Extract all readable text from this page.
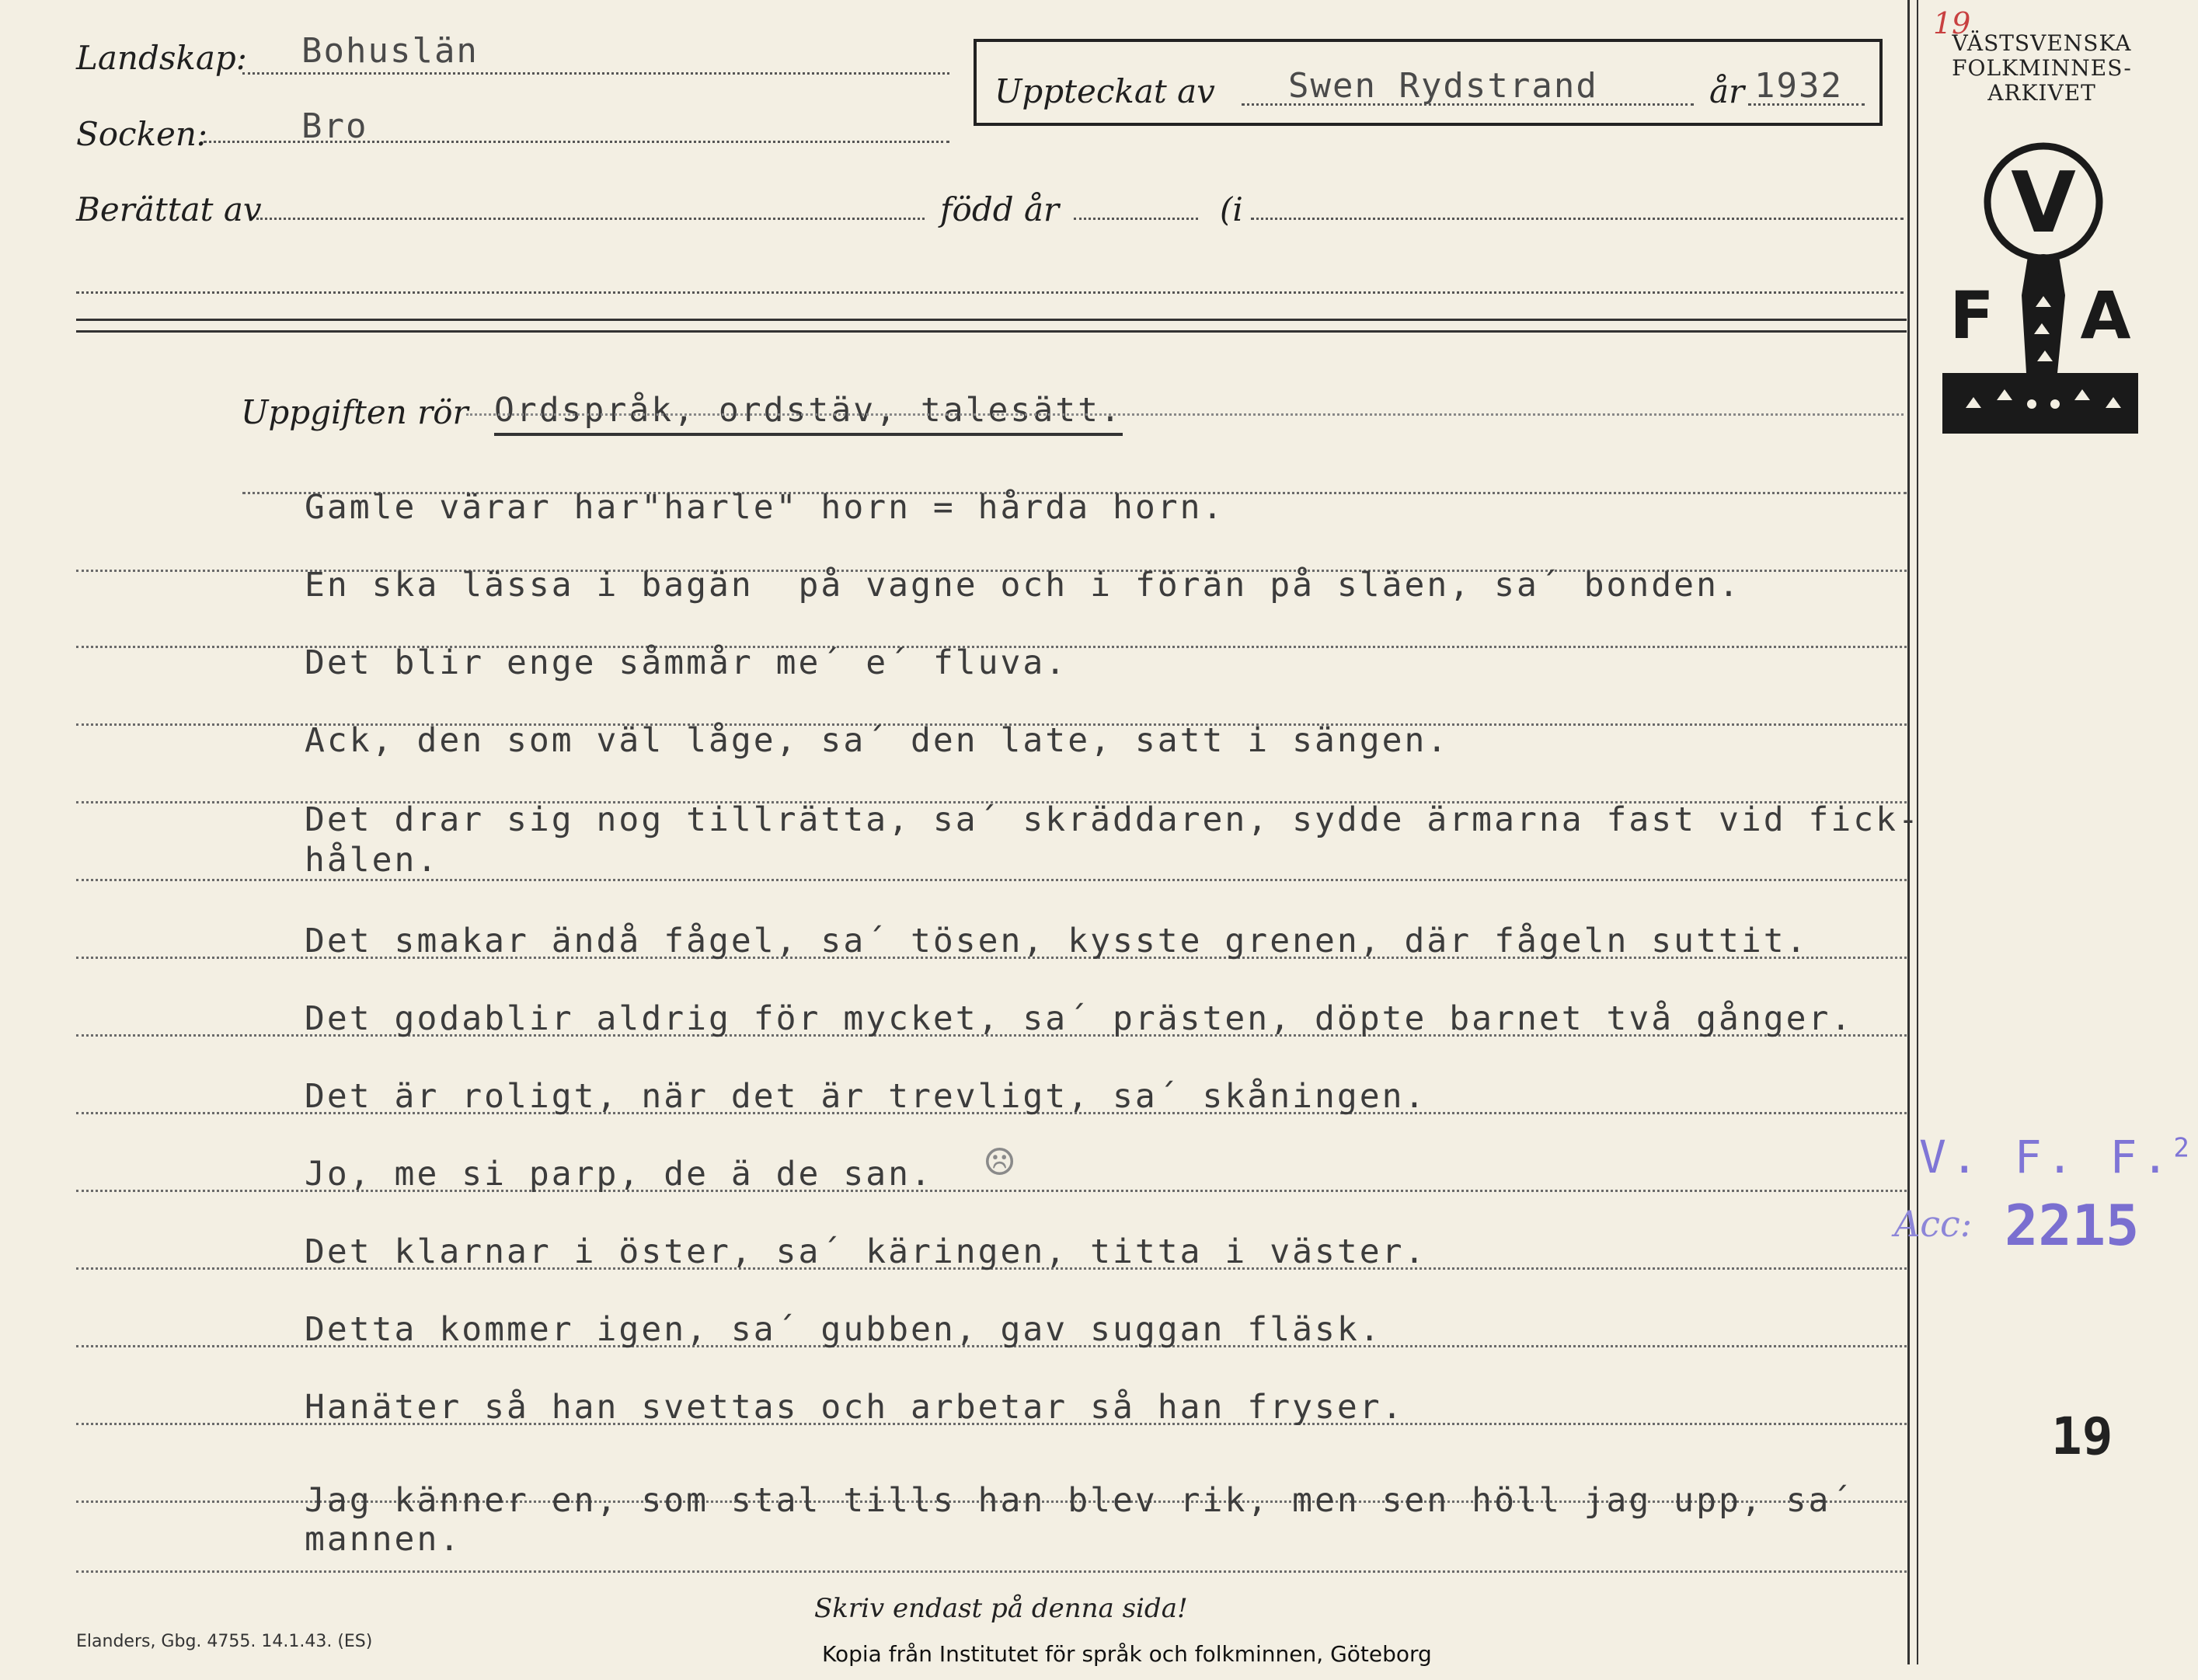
Landskap: Bohuslän
Socken:	Bro
Uppteckat av Swen Rydstrand	år 1932
Berättat av	född år	(i
19
VÄSTSVENSKA
FOLKMINNES-
ARKIVET
V
F A
Uppgiften rör Ordspråk, ordstäv, talesätt.
Gamle värar har"harle" horn = hårda horn.
En ska lässa i bagän  på vagne och i förän på släen, sa´ bonden.
Det blir enge såmmår me´ e´ fluva.
Ack, den som väl låge, sa´ den late, satt i sängen.
Det drar sig nog tillrätta, sa´ skräddaren, sydde ärmarna fast vid fick-
hålen.
Det smakar ändå fågel, sa´ tösen, kysste grenen, där fågeln suttit.
Det godablir aldrig för mycket, sa´ prästen, döpte barnet två gånger.
Det är roligt, när det är trevligt, sa´ skåningen.
Jo, me si parp, de ä de san.
Det klarnar i öster, sa´ käringen, titta i väster.
Detta kommer igen, sa´ gubben, gav suggan fläsk.
Hanäter så han svettas och arbetar så han fryser.
Jag känner en, som stal tills han blev rik, men sen höll jag upp, sa´
mannen.
☹	V. F. F.$^2$
Acc: 2215
19
Skriv endast på denna sida!
Elanders, Gbg. 4755. 14.1.43. (ES)	Kopia från Institutet för språk och folkminnen, Göteborg
